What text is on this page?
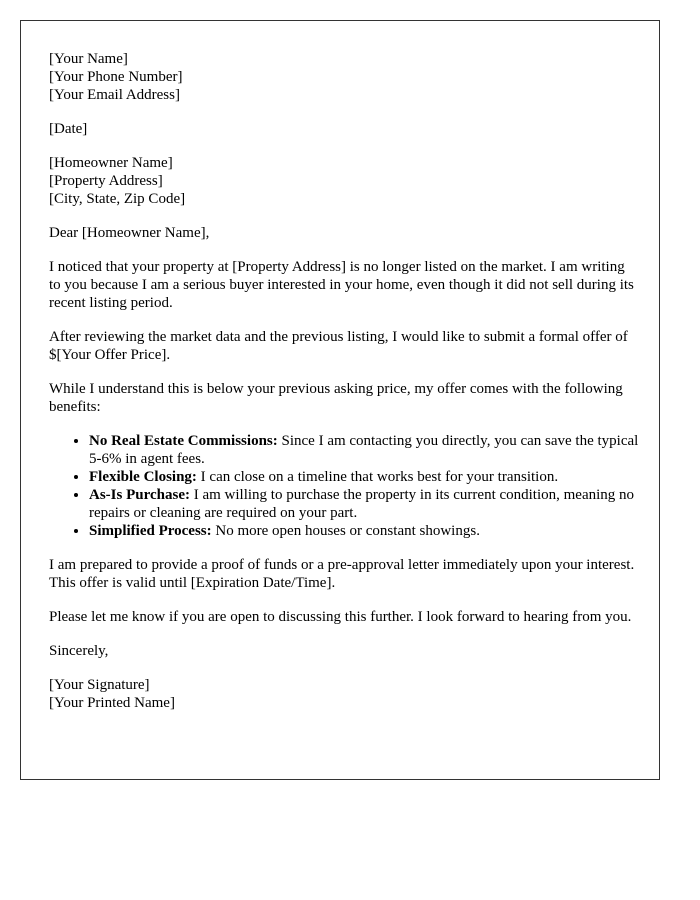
[Your Name]
[Your Phone Number]
[Your Email Address]
[Date]
[Homeowner Name]
[Property Address]
[City, State, Zip Code]

Dear [Homeowner Name],

I noticed that your property at [Property Address] is no longer listed on the market. I am writing to you because I am a serious buyer interested in your home, even though it did not sell during its recent listing period.

After reviewing the market data and the previous listing, I would like to submit a formal offer of $[Your Offer Price].

While I understand this is below your previous asking price, my offer comes with the following benefits:

• No Real Estate Commissions: Since I am contacting you directly, you can save the typical 5-6% in agent fees.
• Flexible Closing: I can close on a timeline that works best for your transition.
• As-Is Purchase: I am willing to purchase the property in its current condition, meaning no repairs or cleaning are required on your part.
• Simplified Process: No more open houses or constant showings.

I am prepared to provide a proof of funds or a pre-approval letter immediately upon your interest. This offer is valid until [Expiration Date/Time].

Please let me know if you are open to discussing this further. I look forward to hearing from you.

Sincerely,

[Your Signature]
[Your Printed Name]
